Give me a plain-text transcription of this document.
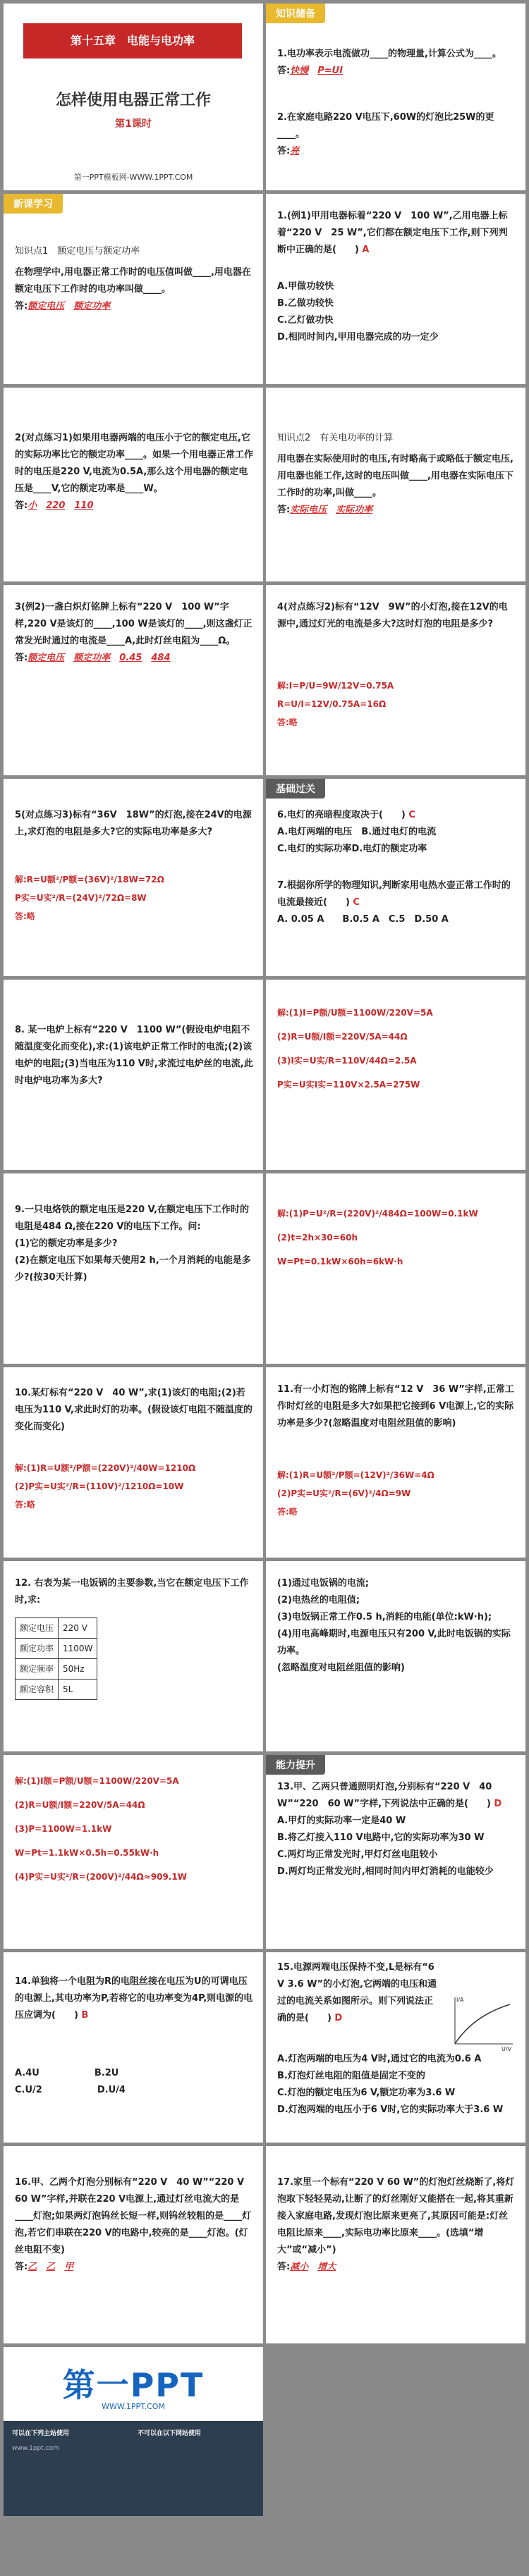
第十五章　电能与电功率
怎样使用电器正常工作
第1课时
第一PPT模板网-WWW.1PPT.COM
知识储备
1.电功率表示电流做功____的物理量,计算公式为____。
答:快慢　 P=UI
2.在家庭电路220 V电压下,60W的灯泡比25W的更____。
答:亮
新课学习
知识点1　额定电压与额定功率
在物理学中,用电器正常工作时的电压值叫做____,用电器在额定电压下工作时的电功率叫做____。
答:额定电压　 额定功率
1.(例1)甲用电器标着“220 V　100 W”,乙用电器上标着“220 V　25 W”,它们都在额定电压下工作,则下列判断中正确的是(　　) A
A.甲做功较快
B.乙做功较快
C.乙灯做功快
D.相同时间内,甲用电器完成的功一定少
2(对点练习1)如果用电器两端的电压小于它的额定电压,它的实际功率比它的额定功率____。如果一个用电器正常工作时的电压是220 V,电流为0.5A,那么这个用电器的额定电压是____V,它的额定功率是____W。
答:小　 220　 110
知识点2　有关电功率的计算
用电器在实际使用时的电压,有时略高于或略低于额定电压,用电器也能工作,这时的电压叫做____,用电器在实际电压下工作时的功率,叫做____。
答:实际电压　 实际功率
3(例2)一盏白炽灯铭牌上标有“220 V　100 W”字样,220 V是该灯的____,100 W是该灯的____,则这盏灯正常发光时通过的电流是____A,此时灯丝电阻为____Ω。
答:额定电压　 额定功率　 0.45　 484
4(对点练习2)标有“12V　9W”的小灯泡,接在12V的电源中,通过灯光的电流是多大?这时灯泡的电阻是多少?
解:I=P/U=9W/12V=0.75A
R=U/I=12V/0.75A=16Ω
答:略
5(对点练习3)标有“36V　18W”的灯泡,接在24V的电源上,求灯泡的电阻是多大?它的实际电功率是多大?
解:R=U额²/P额=(36V)²/18W=72Ω
P实=U实²/R=(24V)²/72Ω=8W
答:略
基础过关
6.电灯的亮暗程度取决于(　　) C
A.电灯两端的电压　B.通过电灯的电流
C.电灯的实际功率D.电灯的额定功率
7.根据你所学的物理知识,判断家用电热水壶正常工作时的电流最接近(　　) C
A. 0.05 A　　B.0.5 A　C.5　D.50 A
8. 某一电炉上标有“220 V　1100 W”(假设电炉电阻不随温度变化而变化),求:(1)该电炉正常工作时的电流;(2)该电炉的电阻;(3)当电压为110 V时,求流过电炉丝的电流,此时电炉电功率为多大?
解:(1)I=P额/U额=1100W/220V=5A
(2)R=U额/I额=220V/5A=44Ω
(3)I实=U实/R=110V/44Ω=2.5A
P实=U实I实=110V×2.5A=275W
9.一只电烙铁的额定电压是220 V,在额定电压下工作时的电阻是484 Ω,接在220 V的电压下工作。问:
(1)它的额定功率是多少?
(2)在额定电压下如果每天使用2 h,一个月消耗的电能是多少?(按30天计算)
解:(1)P=U²/R=(220V)²/484Ω=100W=0.1kW
(2)t=2h×30=60h
W=Pt=0.1kW×60h=6kW·h
10.某灯标有“220 V　40 W”,求(1)该灯的电阻;(2)若电压为110 V,求此时灯的功率。(假设该灯电阻不随温度的变化而变化)
解:(1)R=U额²/P额=(220V)²/40W=1210Ω
(2)P实=U实²/R=(110V)²/1210Ω=10W
答:略
11.有一小灯泡的铭牌上标有“12 V　36 W”字样,正常工作时灯丝的电阻是多大?如果把它接到6 V电源上,它的实际功率是多少?(忽略温度对电阻丝阻值的影响)
解:(1)R=U额²/P额=(12V)²/36W=4Ω
(2)P实=U实²/R=(6V)²/4Ω=9W
答:略
12. 右表为某一电饭锅的主要参数,当它在额定电压下工作时,求:
额定电压	220 V
额定功率	1100W
额定频率	50Hz
额定容积	5L
(1)通过电饭锅的电流;
(2)电热丝的电阻值;
(3)电饭锅正常工作0.5 h,消耗的电能(单位:kW·h);
(4)用电高峰期时,电源电压只有200 V,此时电饭锅的实际功率。
(忽略温度对电阻丝阻值的影响)
解:(1)I额=P额/U额=1100W/220V=5A
(2)R=U额/I额=220V/5A=44Ω
(3)P=1100W=1.1kW
W=Pt=1.1kW×0.5h=0.55kW·h
(4)P实=U实²/R=(200V)²/44Ω≈909.1W
能力提升
13.甲、乙两只普通照明灯泡,分别标有“220 V　40 W”“220　60 W”字样,下列说法中正确的是(　　) D
A.甲灯的实际功率一定是40 W
B.将乙灯接入110 V电路中,它的实际功率为30 W
C.两灯均正常发光时,甲灯灯丝电阻较小
D.两灯均正常发光时,相同时间内甲灯消耗的电能较少
14.单独将一个电阻为R的电阻丝接在电压为U的可调电压的电源上,其电功率为P,若将它的电功率变为4P,则电源的电压应调为(　　) B
A.4U　　　　　　	B.2U
C.U/2　　　　　　	D.U/4
15.电源两端电压保持不变,L是标有“6 V 3.6 W”的小灯泡,它两端的电压和通过的电流关系如图所示。则下列说法正确的是(　　) D
U/V
I/A
A.灯泡两端的电压为4 V时,通过它的电流为0.6 A
B.灯泡灯丝电阻的阻值是固定不变的
C.灯泡的额定电压为6 V,额定功率为3.6 W
D.灯泡两端的电压小于6 V时,它的实际功率大于3.6 W
16.甲、乙两个灯泡分别标有“220 V　40 W”“220 V　60 W”字样,并联在220 V电源上,通过灯丝电流大的是____灯泡;如果两灯泡钨丝长短一样,则钨丝较粗的是____灯泡,若它们串联在220 V的电路中,较亮的是____灯泡。(灯丝电阻不变)
答:乙　 乙　 甲
17.家里一个标有“220 V 60 W”的灯泡灯丝烧断了,将灯泡取下轻轻晃动,让断了的灯丝刚好又能搭在一起,将其重新接入家庭电路,发现灯泡比原来更亮了,其原因可能是:灯丝电阻比原来____,实际电功率比原来____。(选填“增大”或“减小”)
答:减小　 增大
第一PPT
WWW.1PPT.COM
可以在下列主站使用	不可以在以下网站使用
www.1ppt.com
